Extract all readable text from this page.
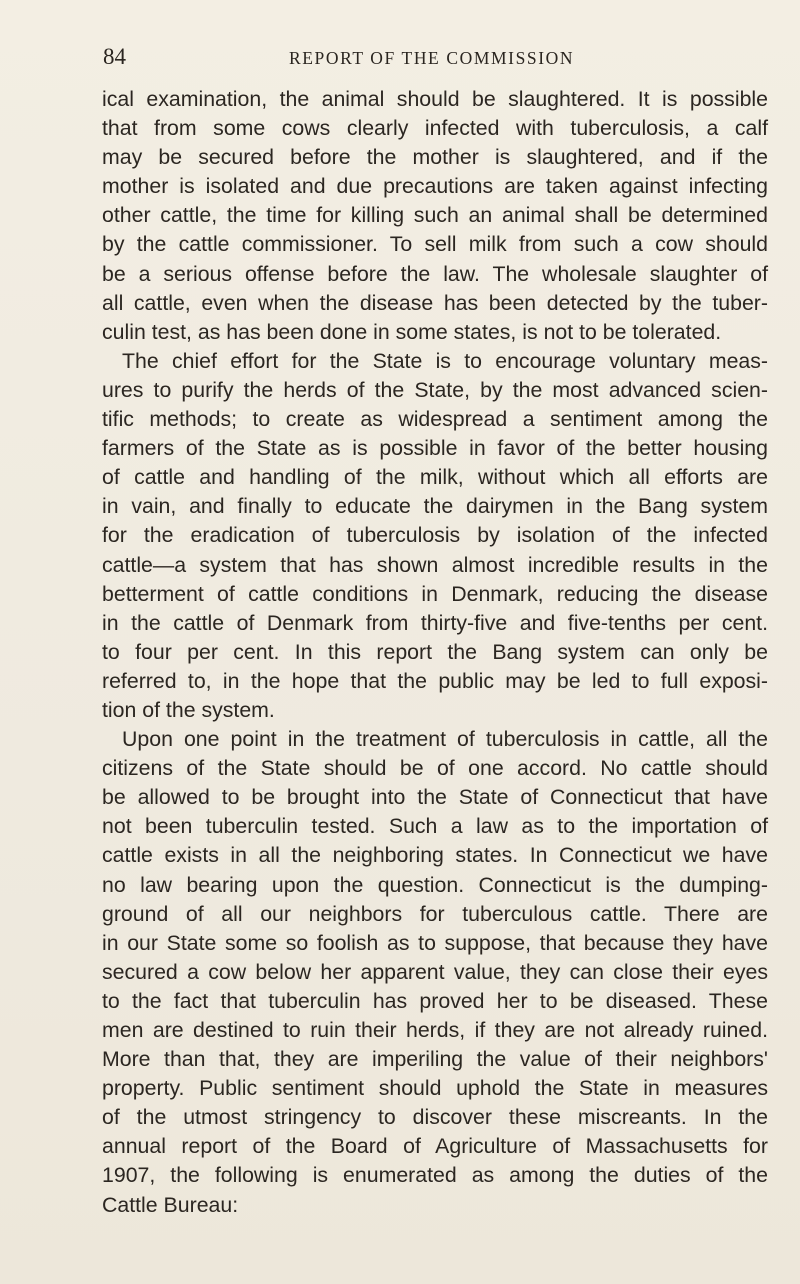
84	REPORT OF THE COMMISSION
ical examination, the animal should be slaughtered. It is possible
that from some cows clearly infected with tuberculosis, a calf
may be secured before the mother is slaughtered, and if the
mother is isolated and due precautions are taken against infecting
other cattle, the time for killing such an animal shall be determined
by the cattle commissioner. To sell milk from such a cow should
be a serious offense before the law. The wholesale slaughter of
all cattle, even when the disease has been detected by the tuber-
culin test, as has been done in some states, is not to be tolerated.
The chief effort for the State is to encourage voluntary meas-
ures to purify the herds of the State, by the most advanced scien-
tific methods; to create as widespread a sentiment among the
farmers of the State as is possible in favor of the better housing
of cattle and handling of the milk, without which all efforts are
in vain, and finally to educate the dairymen in the Bang system
for the eradication of tuberculosis by isolation of the infected
cattle—a system that has shown almost incredible results in the
betterment of cattle conditions in Denmark, reducing the disease
in the cattle of Denmark from thirty-five and five-tenths per cent.
to four per cent. In this report the Bang system can only be
referred to, in the hope that the public may be led to full exposi-
tion of the system.
Upon one point in the treatment of tuberculosis in cattle, all the
citizens of the State should be of one accord. No cattle should
be allowed to be brought into the State of Connecticut that have
not been tuberculin tested. Such a law as to the importation of
cattle exists in all the neighboring states. In Connecticut we have
no law bearing upon the question. Connecticut is the dumping-
ground of all our neighbors for tuberculous cattle. There are
in our State some so foolish as to suppose, that because they have
secured a cow below her apparent value, they can close their eyes
to the fact that tuberculin has proved her to be diseased. These
men are destined to ruin their herds, if they are not already ruined.
More than that, they are imperiling the value of their neighbors'
property. Public sentiment should uphold the State in measures
of the utmost stringency to discover these miscreants. In the
annual report of the Board of Agriculture of Massachusetts for
1907, the following is enumerated as among the duties of the
Cattle Bureau:
